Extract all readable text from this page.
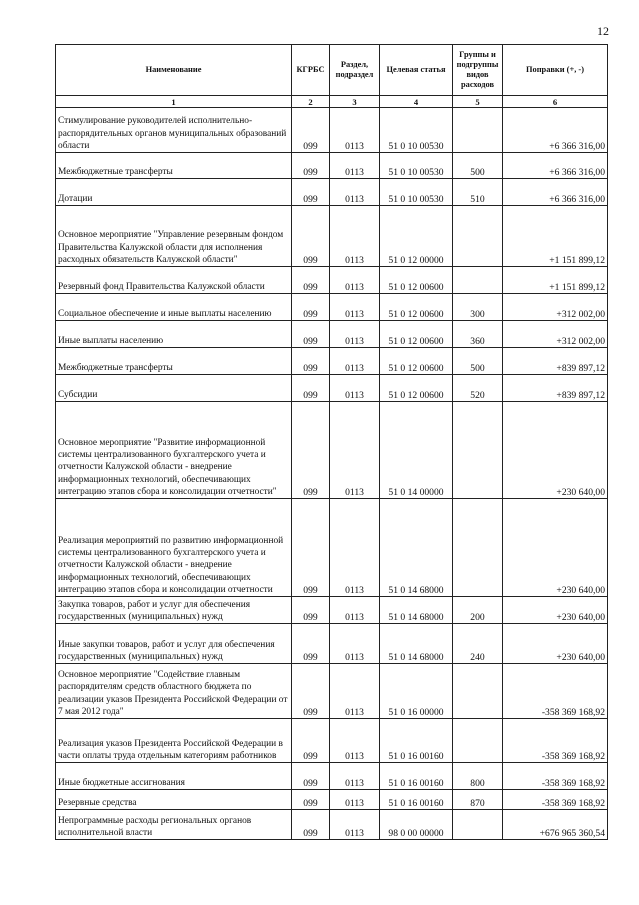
12
Наименование	КГРБС	Раздел, подраздел	Целевая статья	Группы и подгруппы видов расходов	Поправки (+, -)
1	2	3	4	5	6
Стимулирование руководителей исполнительно-распорядительных органов муниципальных образований области	099	0113	51 0 10 00530		+6 366 316,00
Межбюджетные трансферты	099	0113	51 0 10 00530	500	+6 366 316,00
Дотации	099	0113	51 0 10 00530	510	+6 366 316,00
Основное мероприятие "Управление резервным фондом Правительства Калужской области для исполнения расходных обязательств Калужской области"	099	0113	51 0 12 00000		+1 151 899,12
Резервный фонд Правительства Калужской области	099	0113	51 0 12 00600		+1 151 899,12
Социальное обеспечение и иные выплаты населению	099	0113	51 0 12 00600	300	+312 002,00
Иные выплаты населению	099	0113	51 0 12 00600	360	+312 002,00
Межбюджетные трансферты	099	0113	51 0 12 00600	500	+839 897,12
Субсидии	099	0113	51 0 12 00600	520	+839 897,12
Основное мероприятие "Развитие информационной системы централизованного бухгалтерского учета и отчетности Калужской области - внедрение информационных технологий, обеспечивающих интеграцию этапов сбора и консолидации отчетности"	099	0113	51 0 14 00000		+230 640,00
Реализация мероприятий по развитию информационной системы централизованного бухгалтерского учета и отчетности Калужской области - внедрение информационных технологий, обеспечивающих интеграцию этапов сбора и консолидации отчетности	099	0113	51 0 14 68000		+230 640,00
Закупка товаров, работ и услуг для обеспечения государственных (муниципальных) нужд	099	0113	51 0 14 68000	200	+230 640,00
Иные закупки товаров, работ и услуг для обеспечения государственных (муниципальных) нужд	099	0113	51 0 14 68000	240	+230 640,00
Основное мероприятие "Содействие главным распорядителям средств областного бюджета по реализации указов Президента Российской Федерации от 7 мая 2012 года"	099	0113	51 0 16 00000		-358 369 168,92
Реализация указов Президента Российской Федерации в части оплаты труда отдельным категориям работников	099	0113	51 0 16 00160		-358 369 168,92
Иные бюджетные ассигнования	099	0113	51 0 16 00160	800	-358 369 168,92
Резервные средства	099	0113	51 0 16 00160	870	-358 369 168,92
Непрограммные расходы региональных органов исполнительной власти	099	0113	98 0 00 00000		+676 965 360,54
